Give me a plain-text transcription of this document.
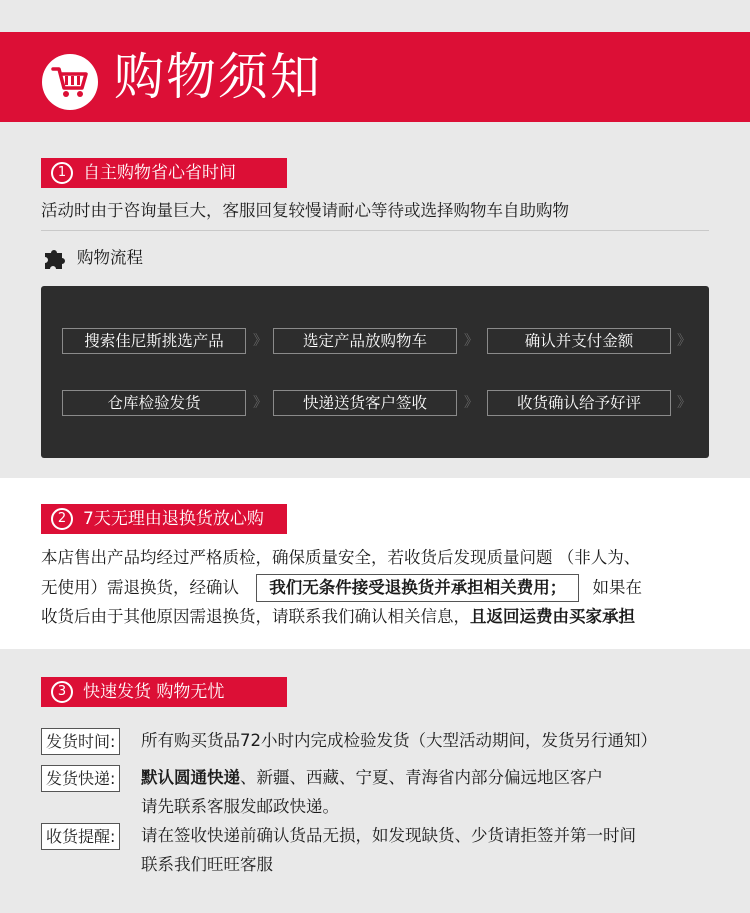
购物须知
1 自主购物省心省时间
活动时由于咨询量巨大，客服回复较慢请耐心等待或选择购物车自助购物
购物流程
搜索佳尼斯挑选产品	》	选定产品放购物车	》	确认并支付金额	》
仓库检验发货	》	快递送货客户签收	》	收货确认给予好评	》
2 7天无理由退换货放心购
本店售出产品均经过严格质检，确保质量安全，若收货后发现质量问题 （非人为、
无使用）需退换货，经确认 我们无条件接受退换货并承担相关费用； 如果在
收货后由于其他原因需退换货，请联系我们确认相关信息，且返回运费由买家承担
3 快速发货 购物无忧
发货时间:	所有购买货品72小时内完成检验发货（大型活动期间，发货另行通知）
发货快递:	默认圆通快递、新疆、西藏、宁夏、青海省内部分偏远地区客户
请先联系客服发邮政快递。
收货提醒:	请在签收快递前确认货品无损，如发现缺货、少货请拒签并第一时间
联系我们旺旺客服
